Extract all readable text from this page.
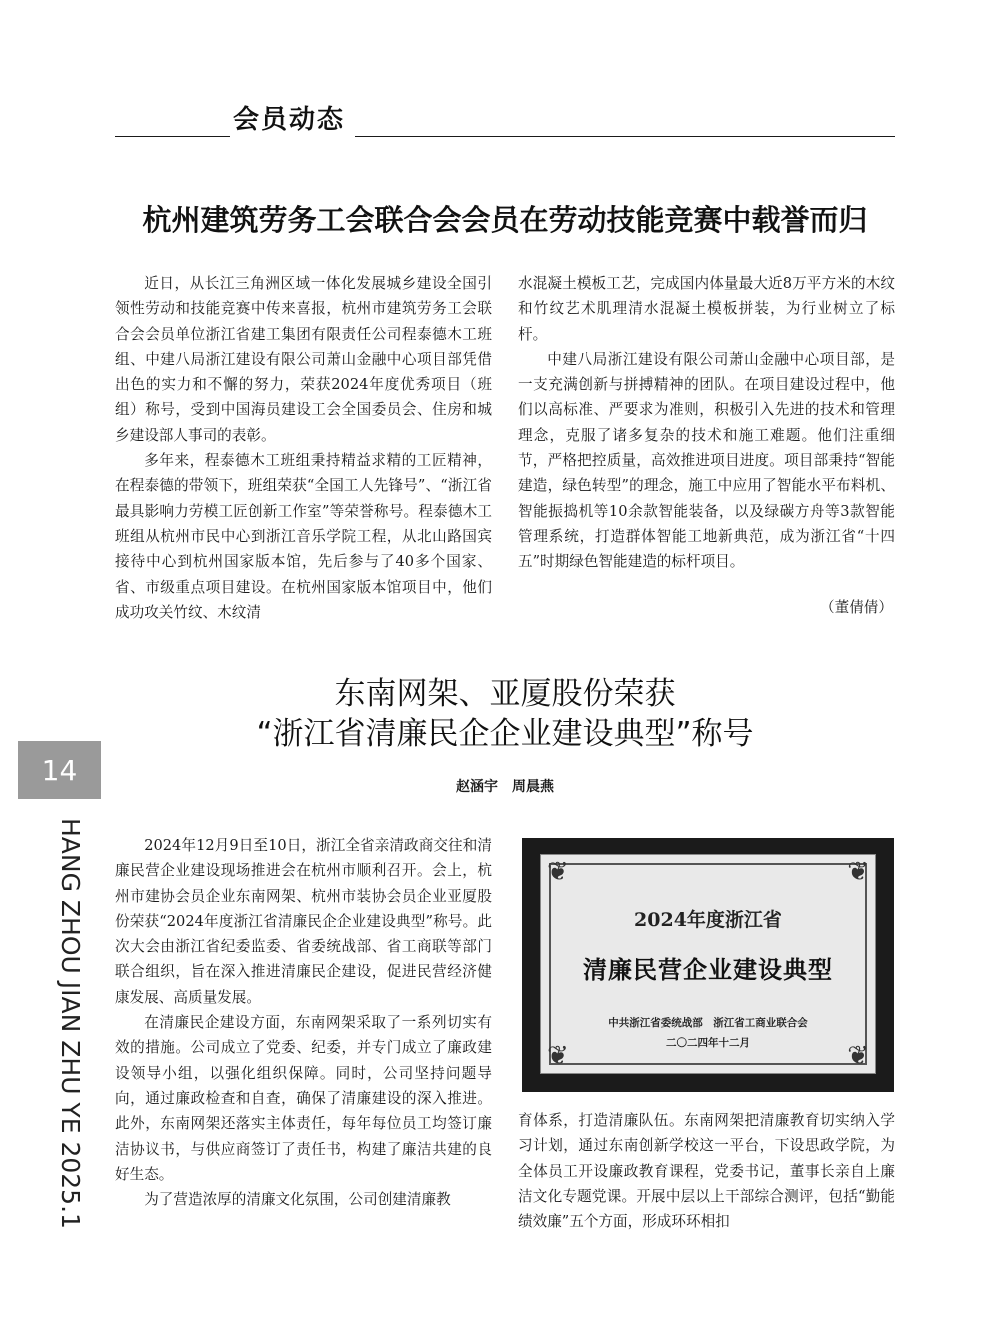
会员动态
杭州建筑劳务工会联合会会员在劳动技能竞赛中载誉而归

近日，从长江三角洲区域一体化发展城乡建设全国引领性劳动和技能竞赛中传来喜报，杭州市建筑劳务工会联合会会员单位浙江省建工集团有限责任公司程泰德木工班组、中建八局浙江建设有限公司萧山金融中心项目部凭借出色的实力和不懈的努力，荣获2024年度优秀项目（班组）称号，受到中国海员建设工会全国委员会、住房和城乡建设部人事司的表彰。

多年来，程泰德木工班组秉持精益求精的工匠精神，在程泰德的带领下，班组荣获“全国工人先锋号”、“浙江省最具影响力劳模工匠创新工作室”等荣誉称号。程泰德木工班组从杭州市民中心到浙江音乐学院工程，从北山路国宾接待中心到杭州国家版本馆，先后参与了40多个国家、省、市级重点项目建设。在杭州国家版本馆项目中，他们成功攻关竹纹、木纹清

水混凝土模板工艺，完成国内体量最大近8万平方米的木纹和竹纹艺术肌理清水混凝土模板拼装，为行业树立了标杆。

中建八局浙江建设有限公司萧山金融中心项目部，是一支充满创新与拼搏精神的团队。在项目建设过程中，他们以高标准、严要求为准则，积极引入先进的技术和管理理念，克服了诸多复杂的技术和施工难题。他们注重细节，严格把控质量，高效推进项目进度。项目部秉持“智能建造，绿色转型”的理念，施工中应用了智能水平布料机、智能振捣机等10余款智能装备，以及绿碳方舟等3款智能管理系统，打造群体智能工地新典范，成为浙江省“十四五”时期绿色智能建造的标杆项目。

（董倩倩）
东南网架、亚厦股份荣获
“浙江省清廉民企企业建设典型”称号
赵涵宇　周晨燕

2024年12月9日至10日，浙江全省亲清政商交往和清廉民营企业建设现场推进会在杭州市顺利召开。会上，杭州市建协会员企业东南网架、杭州市装协会员企业亚厦股份荣获“2024年度浙江省清廉民企企业建设典型”称号。此次大会由浙江省纪委监委、省委统战部、省工商联等部门联合组织，旨在深入推进清廉民企建设，促进民营经济健康发展、高质量发展。

在清廉民企建设方面，东南网架采取了一系列切实有效的措施。公司成立了党委、纪委，并专门成立了廉政建设领导小组，以强化组织保障。同时，公司坚持问题导向，通过廉政检查和自查，确保了清廉建设的深入推进。此外，东南网架还落实主体责任，每年每位员工均签订廉洁协议书，与供应商签订了责任书，构建了廉洁共建的良好生态。

为了营造浓厚的清廉文化氛围，公司创建清廉教

❦	❦
❦	❦
2024年度浙江省
清廉民营企业建设典型
中共浙江省委统战部　浙江省工商业联合会
二〇二四年十二月

育体系，打造清廉队伍。东南网架把清廉教育切实纳入学习计划，通过东南创新学校这一平台，下设思政学院，为全体员工开设廉政教育课程，党委书记，董事长亲自上廉洁文化专题党课。开展中层以上干部综合测评，包括“勤能绩效廉”五个方面，形成环环相扣

14
HANG ZHOU JIAN ZHU YE 2025.1
